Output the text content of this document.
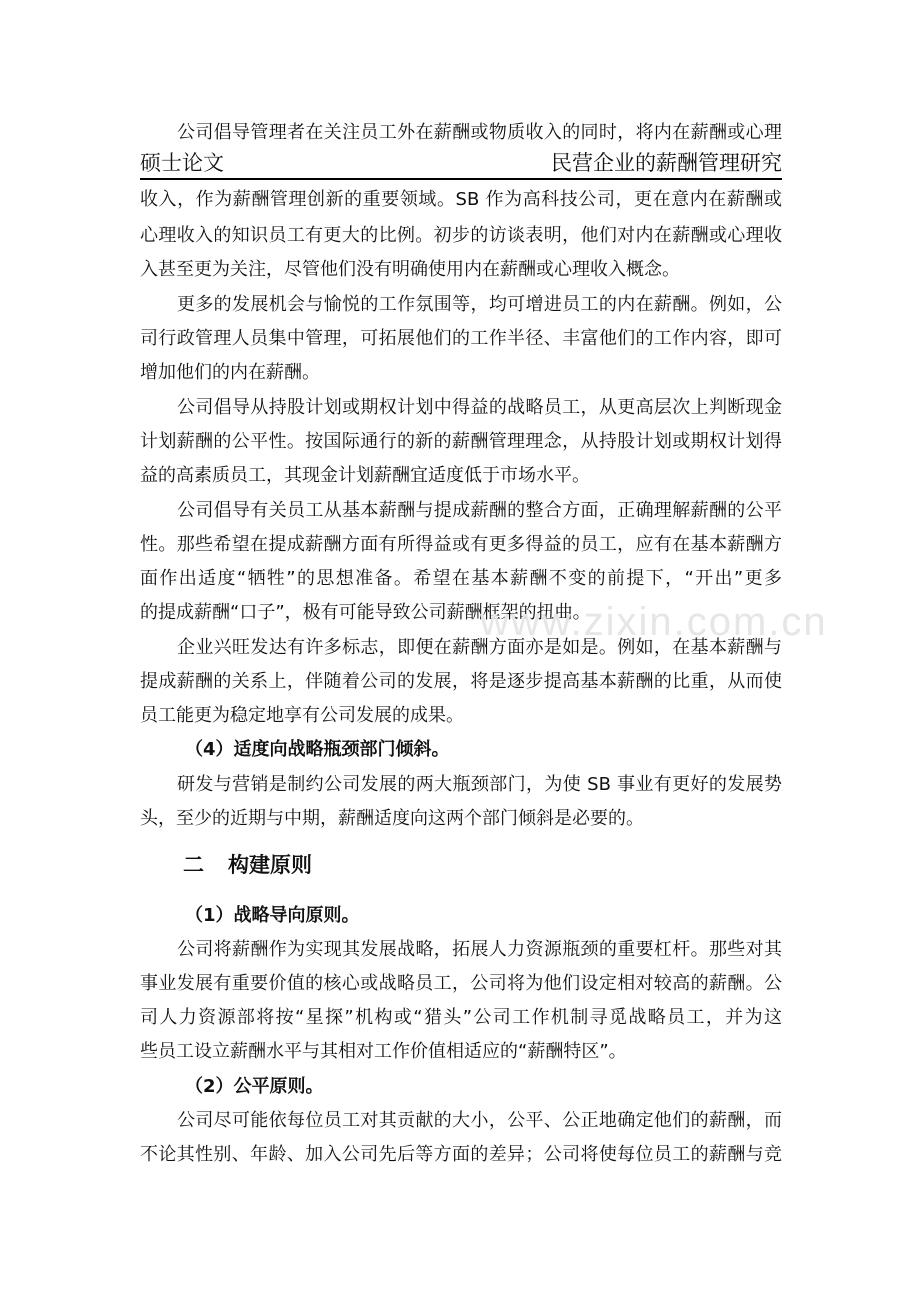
公司倡导管理者在关注员工外在薪酬或物质收入的同时，将内在薪酬或心理
硕士论文	民营企业的薪酬管理研究
收入，作为薪酬管理创新的重要领域。SB 作为高科技公司，更在意内在薪酬或
心理收入的知识员工有更大的比例。初步的访谈表明，他们对内在薪酬或心理收
入甚至更为关注，尽管他们没有明确使用内在薪酬或心理收入概念。
更多的发展机会与愉悦的工作氛围等，均可增进员工的内在薪酬。例如，公
司行政管理人员集中管理，可拓展他们的工作半径、丰富他们的工作内容，即可
增加他们的内在薪酬。
公司倡导从持股计划或期权计划中得益的战略员工，从更高层次上判断现金
计划薪酬的公平性。按国际通行的新的薪酬管理理念，从持股计划或期权计划得
益的高素质员工，其现金计划薪酬宜适度低于市场水平。
公司倡导有关员工从基本薪酬与提成薪酬的整合方面，正确理解薪酬的公平
性。那些希望在提成薪酬方面有所得益或有更多得益的员工，应有在基本薪酬方
面作出适度“牺牲”的思想准备。希望在基本薪酬不变的前提下，“开出”更多
的提成薪酬“口子”，极有可能导致公司薪酬框架的扭曲。
企业兴旺发达有许多标志，即便在薪酬方面亦是如是。例如，在基本薪酬与
提成薪酬的关系上，伴随着公司的发展，将是逐步提高基本薪酬的比重，从而使
员工能更为稳定地享有公司发展的成果。
（4）适度向战略瓶颈部门倾斜。
研发与营销是制约公司发展的两大瓶颈部门，为使 SB 事业有更好的发展势
头，至少的近期与中期，薪酬适度向这两个部门倾斜是必要的。
二 构建原则
（1）战略导向原则。
公司将薪酬作为实现其发展战略，拓展人力资源瓶颈的重要杠杆。那些对其
事业发展有重要价值的核心或战略员工，公司将为他们设定相对较高的薪酬。公
司人力资源部将按“星探”机构或“猎头”公司工作机制寻觅战略员工，并为这
些员工设立薪酬水平与其相对工作价值相适应的“薪酬特区”。
（2）公平原则。
公司尽可能依每位员工对其贡献的大小，公平、公正地确定他们的薪酬，而
不论其性别、年龄、加入公司先后等方面的差异；公司将使每位员工的薪酬与竞
www.zixin.com.cn
